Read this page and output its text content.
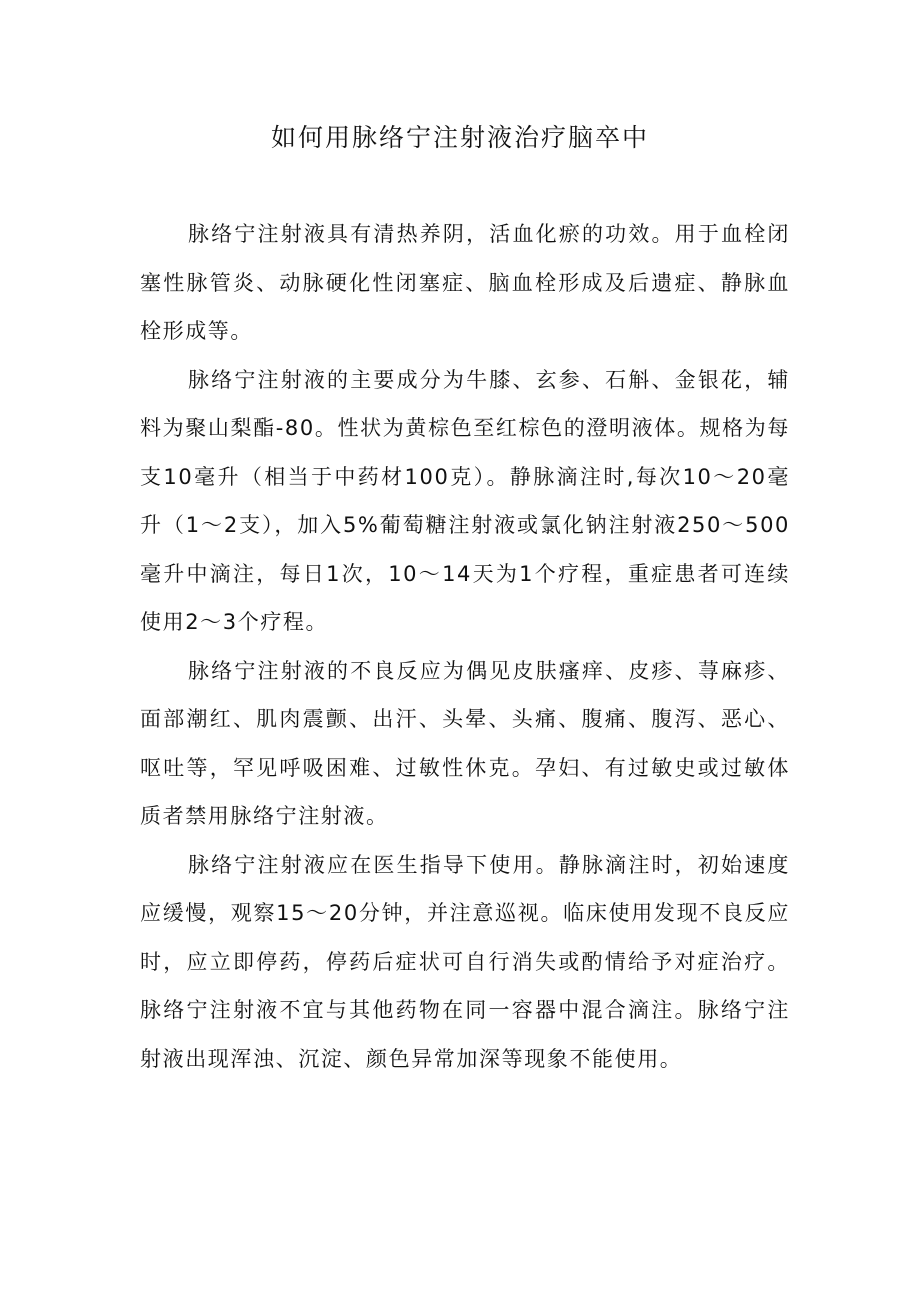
如何用脉络宁注射液治疗脑卒中

脉络宁注射液具有清热养阴，活血化瘀的功效。用于血栓闭塞性脉管炎、动脉硬化性闭塞症、脑血栓形成及后遗症、静脉血栓形成等。

脉络宁注射液的主要成分为牛膝、玄参、石斛、金银花，辅料为聚山梨酯-80。性状为黄棕色至红棕色的澄明液体。规格为每支10毫升（相当于中药材100克）。静脉滴注时,每次10～20毫升（1～2支），加入5%葡萄糖注射液或氯化钠注射液250～500毫升中滴注，每日1次，10～14天为1个疗程，重症患者可连续使用2～3个疗程。

脉络宁注射液的不良反应为偶见皮肤瘙痒、皮疹、荨麻疹、面部潮红、肌肉震颤、出汗、头晕、头痛、腹痛、腹泻、恶心、呕吐等，罕见呼吸困难、过敏性休克。孕妇、有过敏史或过敏体质者禁用脉络宁注射液。

脉络宁注射液应在医生指导下使用。静脉滴注时，初始速度应缓慢，观察15～20分钟，并注意巡视。临床使用发现不良反应时，应立即停药，停药后症状可自行消失或酌情给予对症治疗。脉络宁注射液不宜与其他药物在同一容器中混合滴注。脉络宁注射液出现浑浊、沉淀、颜色异常加深等现象不能使用。
